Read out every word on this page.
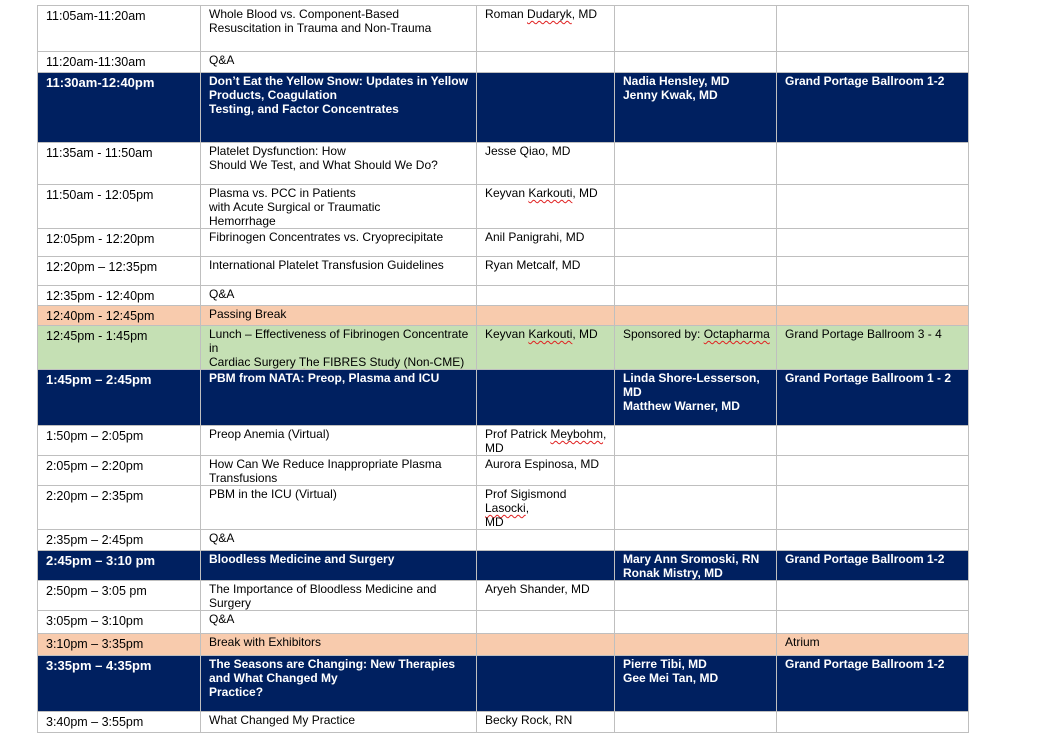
11:05am-11:20am	Whole Blood vs. Component-Based
Resuscitation in Trauma and Non-Trauma	Roman Dudaryk, MD		
11:20am-11:30am	Q&A			
11:30am-12:40pm	Don’t Eat the Yellow Snow: Updates in Yellow
Products, Coagulation
Testing, and Factor Concentrates		Nadia Hensley, MD
Jenny Kwak, MD	Grand Portage Ballroom 1-2
11:35am - 11:50am	Platelet Dysfunction: How
Should We Test, and What Should We Do?	Jesse Qiao, MD		
11:50am - 12:05pm	Plasma vs. PCC in Patients
with Acute Surgical or Traumatic
Hemorrhage	Keyvan Karkouti, MD		
12:05pm - 12:20pm	Fibrinogen Concentrates vs. Cryoprecipitate	Anil Panigrahi, MD		
12:20pm – 12:35pm	International Platelet Transfusion Guidelines	Ryan Metcalf, MD		
12:35pm - 12:40pm	Q&A			
12:40pm - 12:45pm	Passing Break			
12:45pm - 1:45pm	Lunch – Effectiveness of Fibrinogen Concentrate in
Cardiac Surgery The FIBRES Study (Non-CME)	Keyvan Karkouti, MD	Sponsored by: Octapharma	Grand Portage Ballroom 3 - 4
1:45pm – 2:45pm	PBM from NATA: Preop, Plasma and ICU		Linda Shore-Lesserson,
MD
Matthew Warner, MD	Grand Portage Ballroom 1 - 2
1:50pm – 2:05pm	Preop Anemia (Virtual)	Prof Patrick Meybohm,
MD		
2:05pm – 2:20pm	How Can We Reduce Inappropriate Plasma
Transfusions	Aurora Espinosa, MD		
2:20pm – 2:35pm	PBM in the ICU (Virtual)	Prof Sigismond Lasocki,
MD		
2:35pm – 2:45pm	Q&A			
2:45pm – 3:10 pm	Bloodless Medicine and Surgery		Mary Ann Sromoski, RN
Ronak Mistry, MD	Grand Portage Ballroom 1-2
2:50pm – 3:05 pm	The Importance of Bloodless Medicine and
Surgery	Aryeh Shander, MD		
3:05pm – 3:10pm	Q&A			
3:10pm – 3:35pm	Break with Exhibitors			Atrium
3:35pm – 4:35pm	The Seasons are Changing: New Therapies
and What Changed My
Practice?		Pierre Tibi, MD
Gee Mei Tan, MD	Grand Portage Ballroom 1-2
3:40pm – 3:55pm	What Changed My Practice	Becky Rock, RN		
